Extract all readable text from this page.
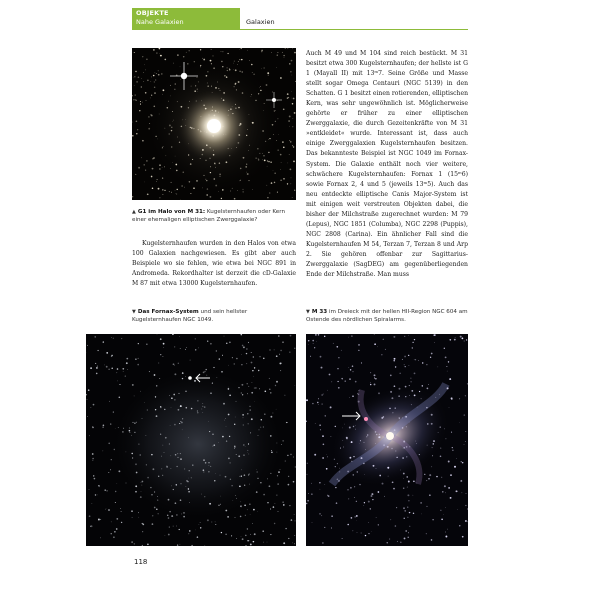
OBJEKTE
Nahe Galaxien	Galaxien
▲ G1 im Halo von M 31: Kugelsternhaufen oder Kern einer ehemaligen elliptischen Zwerggalaxie?

Kugelsternhaufen wurden in den Halos von etwa 100 Galaxien nachgewiesen. Es gibt aber auch Beispiele wo sie fehlen, wie etwa bei NGC 891 in Andromeda. Rekordhalter ist derzeit die cD-Galaxie M 87 mit etwa 13000 Kugelsternhaufen.

Auch M 49 und M 104 sind reich bestückt. M 31 besitzt etwa 300 Kugelsternhaufen; der hellste ist G 1 (Mayall II) mit 13ᵐ7. Seine Größe und Masse stellt sogar Omega Centauri (NGC 5139) in den Schatten. G 1 besitzt einen rotierenden, elliptischen Kern, was sehr ungewöhnlich ist. Möglicherweise gehörte er früher zu einer elliptischen Zwerggalaxie, die durch Gezeitenkräfte von M 31 »entkleidet« wurde. Interessant ist, dass auch einige Zwerggalaxien Kugelsternhaufen besitzen. Das bekannteste Beispiel ist NGC 1049 im Fornax-System. Die Galaxie enthält noch vier weitere, schwächere Kugelsternhaufen: Fornax 1 (15ᵐ6) sowie Fornax 2, 4 und 5 (jeweils 13ᵐ5). Auch das neu entdeckte elliptische Canis Major-System ist mit einigen weit verstreuten Objekten dabei, die bisher der Milchstraße zugerechnet wurden: M 79 (Lepus), NGC 1851 (Columba), NGC 2298 (Puppis), NGC 2808 (Carina). Ein ähnlicher Fall sind die Kugelsternhaufen M 54, Terzan 7, Terzan 8 und Arp 2. Sie gehören offenbar zur Sagittarius-Zwerggalaxie (SagDEG) am gegenüberliegenden Ende der Milchstraße. Man muss

▼ Das Fornax-System und sein hellster Kugelsternhaufen NGC 1049.
▼ M 33 im Dreieck mit der hellen HII-Region NGC 604 am Ostende des nördlichen Spiralarms.
118
